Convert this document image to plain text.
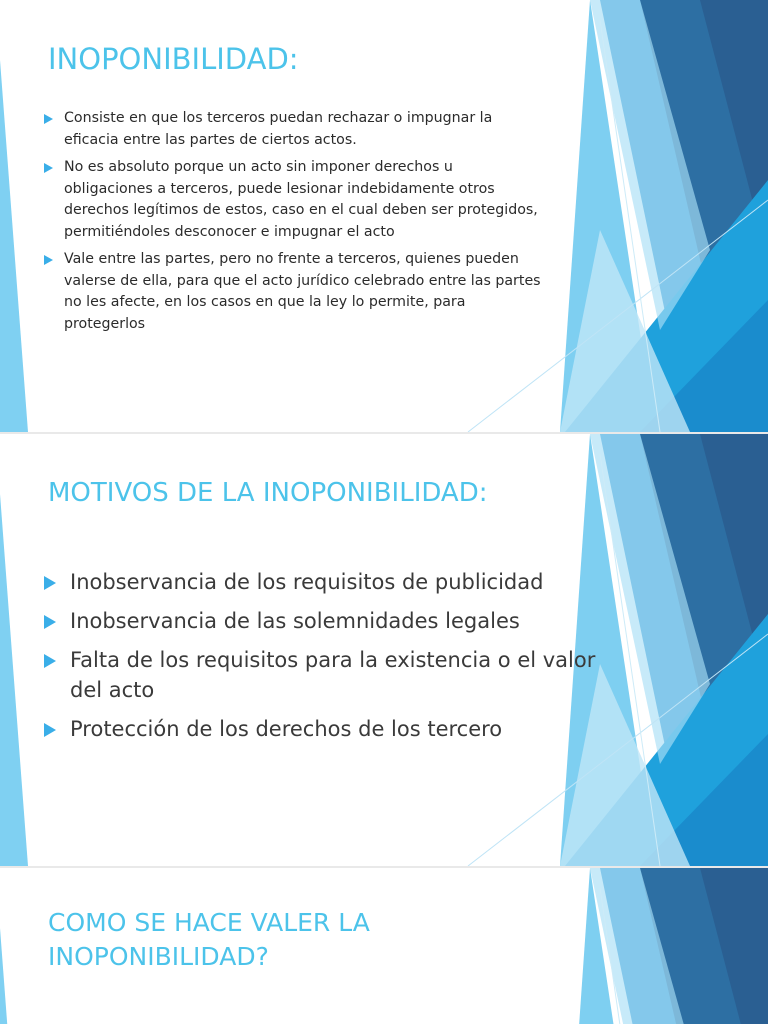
INOPONIBILIDAD:
Consiste en que los terceros puedan rechazar o impugnar la eficacia entre las partes de ciertos actos.
No es absoluto porque un acto sin imponer derechos u obligaciones a terceros, puede lesionar indebidamente otros derechos legítimos de estos, caso en el cual deben ser protegidos, permitiéndoles desconocer e impugnar el acto
Vale entre las partes, pero no frente a terceros, quienes pueden valerse de ella, para que el acto jurídico celebrado entre las partes no les afecte, en los casos en que la ley lo permite, para protegerlos
MOTIVOS DE LA INOPONIBILIDAD:
Inobservancia de los requisitos de publicidad
Inobservancia de las solemnidades legales
Falta de los requisitos para la existencia o el valor del acto
Protección de los derechos de los tercero
COMO SE HACE VALER LA INOPONIBILIDAD?
